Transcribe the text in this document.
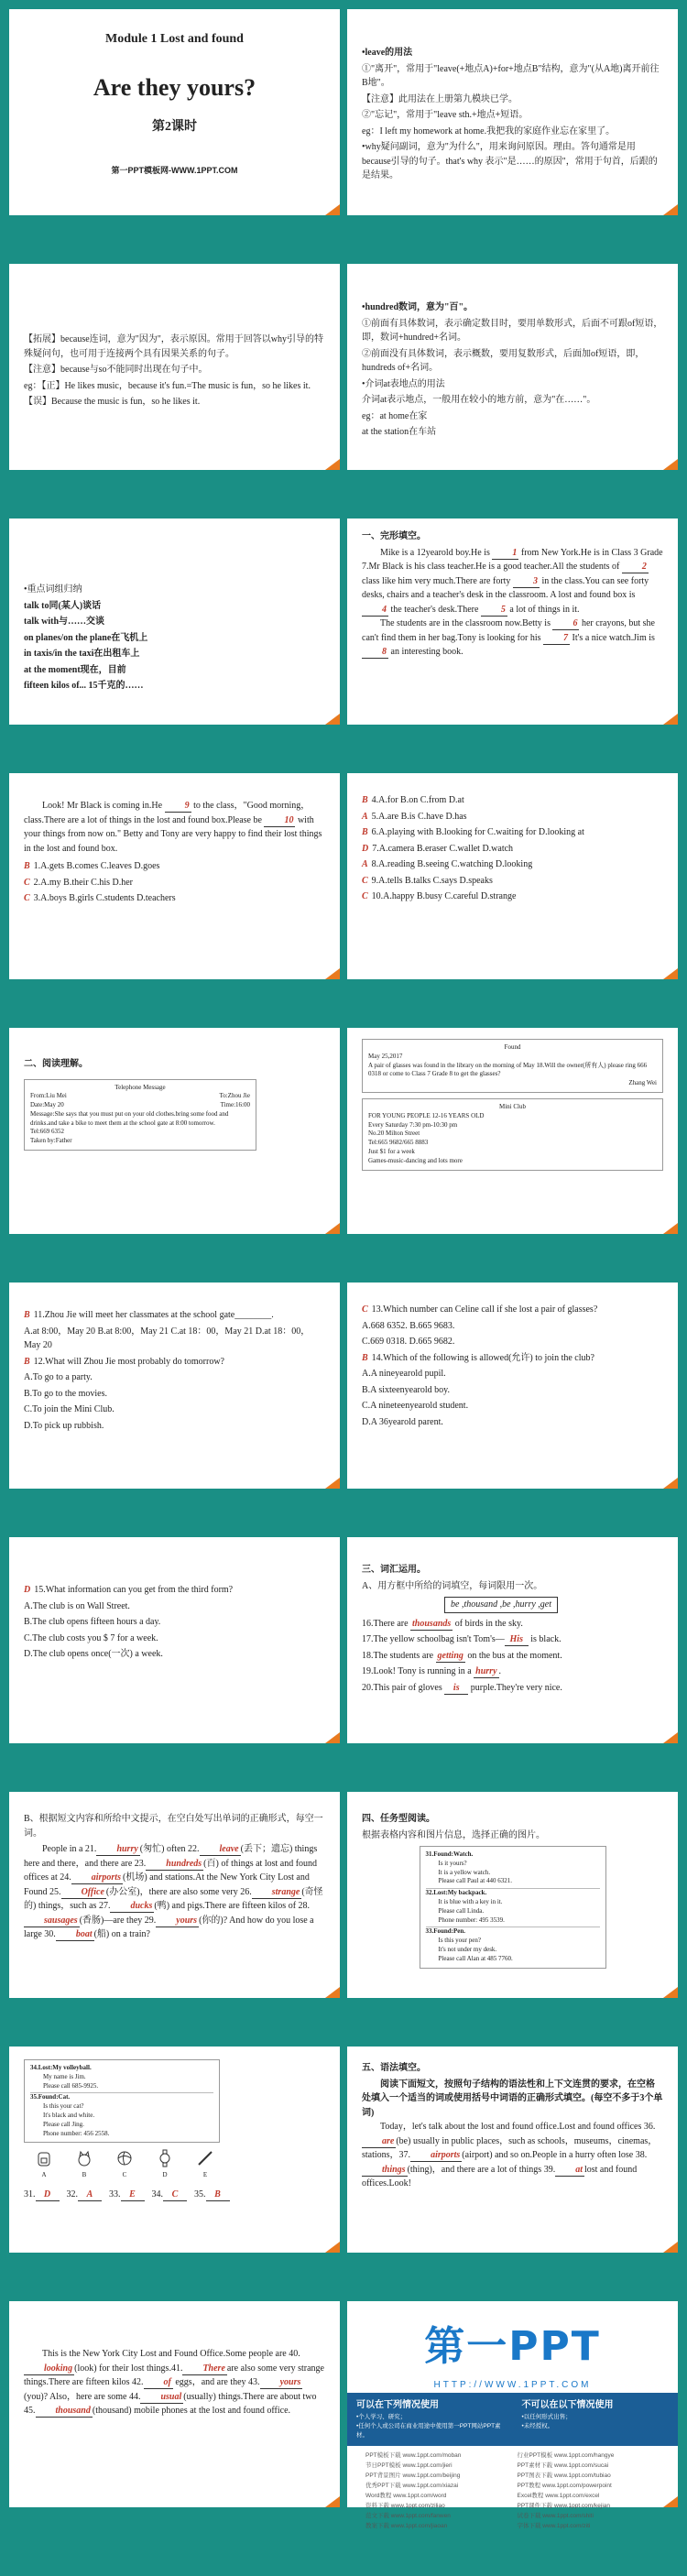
Module 1 Lost and found
Are they yours?
第2课时
第一PPT模板网-WWW.1PPT.COM

•leave的用法

①"离开"，常用于"leave(+地点A)+for+地点B"结构，意为"(从A地)离开前往B地"。

【注意】此用法在上册第九模块已学。

②"忘记"，常用于"leave sth.+地点+短语。

eg：I left my homework at home.我把我的家庭作业忘在家里了。

•why疑问副词，意为"为什么"，用来询问原因。理由。答句通常是用because引导的句子。that's why 表示"是……的原因"，常用于句首，后跟的是结果。

【拓展】because连词，意为"因为"，表示原因。常用于回答以why引导的特殊疑问句，也可用于连接两个具有因果关系的句子。

【注意】because与so不能同时出现在句子中。

eg：【正】He likes music，because it's fun.=The music is fun，so he likes it.

【误】Because the music is fun，so he likes it.

•hundred数词，意为"百"。

①前面有具体数词，表示确定数目时，要用单数形式，后面不可跟of短语，即，数词+hundred+名词。

②前面没有具体数词，表示概数，要用复数形式，后面加of短语，即，hundreds of+名词。

•介词at表地点的用法

介词at表示地点，一般用在较小的地方前，意为"在……"。

eg：at home在家

at the station在车站

•重点词组归纳

talk to同(某人)谈话

talk with与……交谈

on planes/on the plane在飞机上

in taxis/in the taxi在出租车上

at the moment现在，目前

fifteen kilos of... 15千克的……

一、完形填空。

Mike is a 12yearold boy.He is 1 from New York.He is in Class 3 Grade 7.Mr Black is his class teacher.He is a good teacher.All the students of 2 class like him very much.There are forty 3 in the class.You can see forty desks, chairs and a teacher's desk in the classroom. A lost and found box is 4 the teacher's desk.There 5 a lot of things in it.

The students are in the classroom now.Betty is 6 her crayons, but she can't find them in her bag.Tony is looking for his 7 It's a nice watch.Jim is 8 an interesting book.

Look! Mr Black is coming in.He 9 to the class，"Good morning，class.There are a lot of things in the lost and found box.Please be 10 with your things from now on." Betty and Tony are very happy to find their lost things in the lost and found box.

B 1.A.gets B.comes C.leaves D.goes

C 2.A.my B.their C.his D.her

C 3.A.boys B.girls C.students D.teachers

B 4.A.for B.on C.from D.at

A 5.A.are B.is C.have D.has

B 6.A.playing with B.looking for C.waiting for D.looking at

D 7.A.camera B.eraser C.wallet D.watch

A 8.A.reading B.seeing C.watching D.looking

C 9.A.tells B.talks C.says D.speaks

C 10.A.happy B.busy C.careful D.strange

二、阅读理解。

Telephone Message
From:Liu Mei	To:Zhou Jie
Date:May 20	Time:16:00
Message:She says that you must put on your old clothes.bring some food and drinks.and take a bike to meet them at the school gate at 8:00 tomorrow.
Tel:669 6352
Taken by:Father
Found
May 25,2017
A pair of glasses was found in the library on the morning of May 18.Will the owner(所有人) please ring 666 0318 or come to Class 7 Grade 8 to get the glasses?
Zhang Wei
Mini Club
FOR YOUNG PEOPLE 12-16 YEARS OLD
Every Saturday 7:30 pm-10:30 pm
No.20 Milton Street
Tel:665 9682/665 8883
Just $1 for a week
Games-music-dancing and lots more

B 11.Zhou Jie will meet her classmates at the school gate________.

A.at 8:00，May 20 B.at 8:00，May 21 C.at 18：00，May 21 D.at 18：00，May 20

B 12.What will Zhou Jie most probably do tomorrow?

A.To go to a party.

B.To go to the movies.

C.To join the Mini Club.

D.To pick up rubbish.

C 13.Which number can Celine call if she lost a pair of glasses?

A.668 6352. B.665 9683.

C.669 0318. D.665 9682.

B 14.Which of the following is allowed(允许) to join the club?

A.A nineyearold pupil.

B.A sixteenyearold boy.

C.A nineteenyearold student.

D.A 36yearold parent.

D 15.What information can you get from the third form?

A.The club is on Wall Street.

B.The club opens fifteen hours a day.

C.The club costs you $ 7 for a week.

D.The club opens once(一次) a week.

三、词汇运用。

A、用方框中所给的词填空，每词限用一次。

be ,thousand ,be ,hurry ,get

16.There are thousands of birds in the sky.

17.The yellow schoolbag isn't Tom's— His is black.

18.The students are getting on the bus at the moment.

19.Look! Tony is running in a hurry .

20.This pair of gloves is purple.They're very nice.

B、根据短文内容和所给中文提示，在空白处写出单词的正确形式，每空一词。

People in a 21. hurry (匆忙) often 22. leave (丢下；遗忘) things here and there，and there are 23. hundreds (百) of things at lost and found offices at 24. airports (机场) and stations.At the New York City Lost and Found 25. Office (办公室)，there are also some very 26. strange (奇怪的) things，such as 27. ducks (鸭) and pigs.There are fifteen kilos of 28.sausages (香肠)—are they 29. yours (你的)? And how do you lose a large 30. boat (船) on a train?

四、任务型阅读。

根据表格内容和图片信息，选择正确的图片。

31.Found:Watch.
Is it yours?
It is a yellow watch.
Please call Paul at 440 6321.
32.Lost:My backpack.
It is blue with a key in it.
Please call Linda.
Phone number: 495 3539.
33.Found:Pen.
Is this your pen?
It's not under my desk.
Please call Alan at 485 7760.
34.Lost:My volleyball.
My name is Jim.
Please call 685-9925.
35.Found:Cat.
Is this your cat?
It's black and white.
Please call Jing.
Phone number: 456 2558.
A	B	C	D	E
31. D	32. A	33. E	34. C	35. B

五、语法填空。

阅读下面短文，按照句子结构的语法性和上下文连贯的要求，在空格处填入一个适当的词或使用括号中词语的正确形式填空。(每空不多于3个单词)

Today，let's talk about the lost and found office.Lost and found offices 36.are (be) usually in public places，such as schools，museums，cinemas，stations，37. airports (airport) and so on.People in a hurry often lose 38.things (thing)，and there are a lot of things 39. at lost and found offices.Look!

This is the New York City Lost and Found Office.Some people are 40.looking (look) for their lost things.41. There are also some very strange things.There are fifteen kilos 42. of eggs，and are they 43. yours(you)? Also，here are some 44. usual (usually) things.There are about two 45. thousand (thousand) mobile phones at the lost and found office.

第一PPT
HTTP://WWW.1PPT.COM
可以在下列情况使用
•个人学习、研究；
•任何个人或公司在商业用途中使用第一PPT网站PPT素材。
不可以在以下情况使用
•以任何形式出售；
•未经授权。
PPT模板下载 www.1ppt.com/moban	行业PPT模板 www.1ppt.com/hangye
节日PPT模板 www.1ppt.com/jieri	PPT素材下载 www.1ppt.com/sucai
PPT背景图片 www.1ppt.com/beijing	PPT图表下载 www.1ppt.com/tubiao
优秀PPT下载 www.1ppt.com/xiazai	PPT教程 www.1ppt.com/powerpoint
Word教程 www.1ppt.com/word	Excel教程 www.1ppt.com/excel
资料下载 www.1ppt.com/ziliao	PPT课件下载 www.1ppt.com/kejian
范文下载 www.1ppt.com/fanwen	试卷下载 www.1ppt.com/shiti
教案下载 www.1ppt.com/jiaoan	字体下载 www.1ppt.com/ziti
